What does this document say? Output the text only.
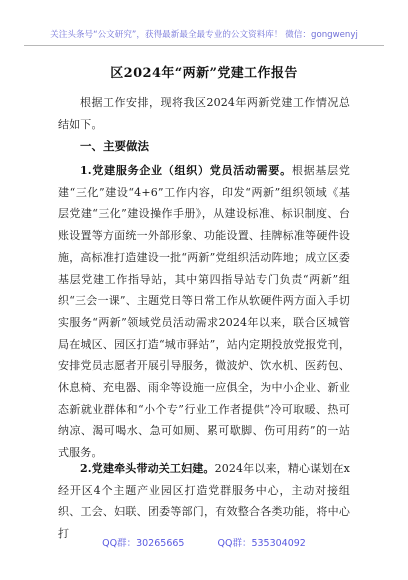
关注头条号“公文研究”，获得最新最全最专业的公文资料库！ 微信：gongwenyj
区2024年“两新”党建工作报告

根据工作安排，现将我区2024年两新党建工作情况总结如下。

一、主要做法

1.党建服务企业（组织）党员活动需要。根据基层党建“三化”建设“4+6”工作内容，印发“两新”组织领域《基层党建“三化”建设操作手册》，从建设标准、标识制度、台账设置等方面统一外部形象、功能设置、挂牌标准等硬件设施，高标准打造建设一批“两新”党组织活动阵地；成立区委基层党建工作指导站，其中第四指导站专门负责“两新”组织“三会一课”、主题党日等日常工作从软硬件两方面入手切实服务“两新”领域党员活动需求2024年以来，联合区城管局在城区、园区打造“城市驿站”，站内定期投放党报党刊，安排党员志愿者开展引导服务，微波炉、饮水机、医药包、休息椅、充电器、雨伞等设施一应俱全，为中小企业、新业态新就业群体和“小个专”行业工作者提供“冷可取暖、热可纳凉、渴可喝水、急可如厕、累可歇脚、伤可用药”的一站式服务。

2.党建牵头带动关工妇建。2024年以来，精心谋划在x经开区4个主题产业园区打造党群服务中心，主动对接组织、工会、妇联、团委等部门，有效整合各类功能，将中心打

QQ群：30265665	QQ群：535304092
